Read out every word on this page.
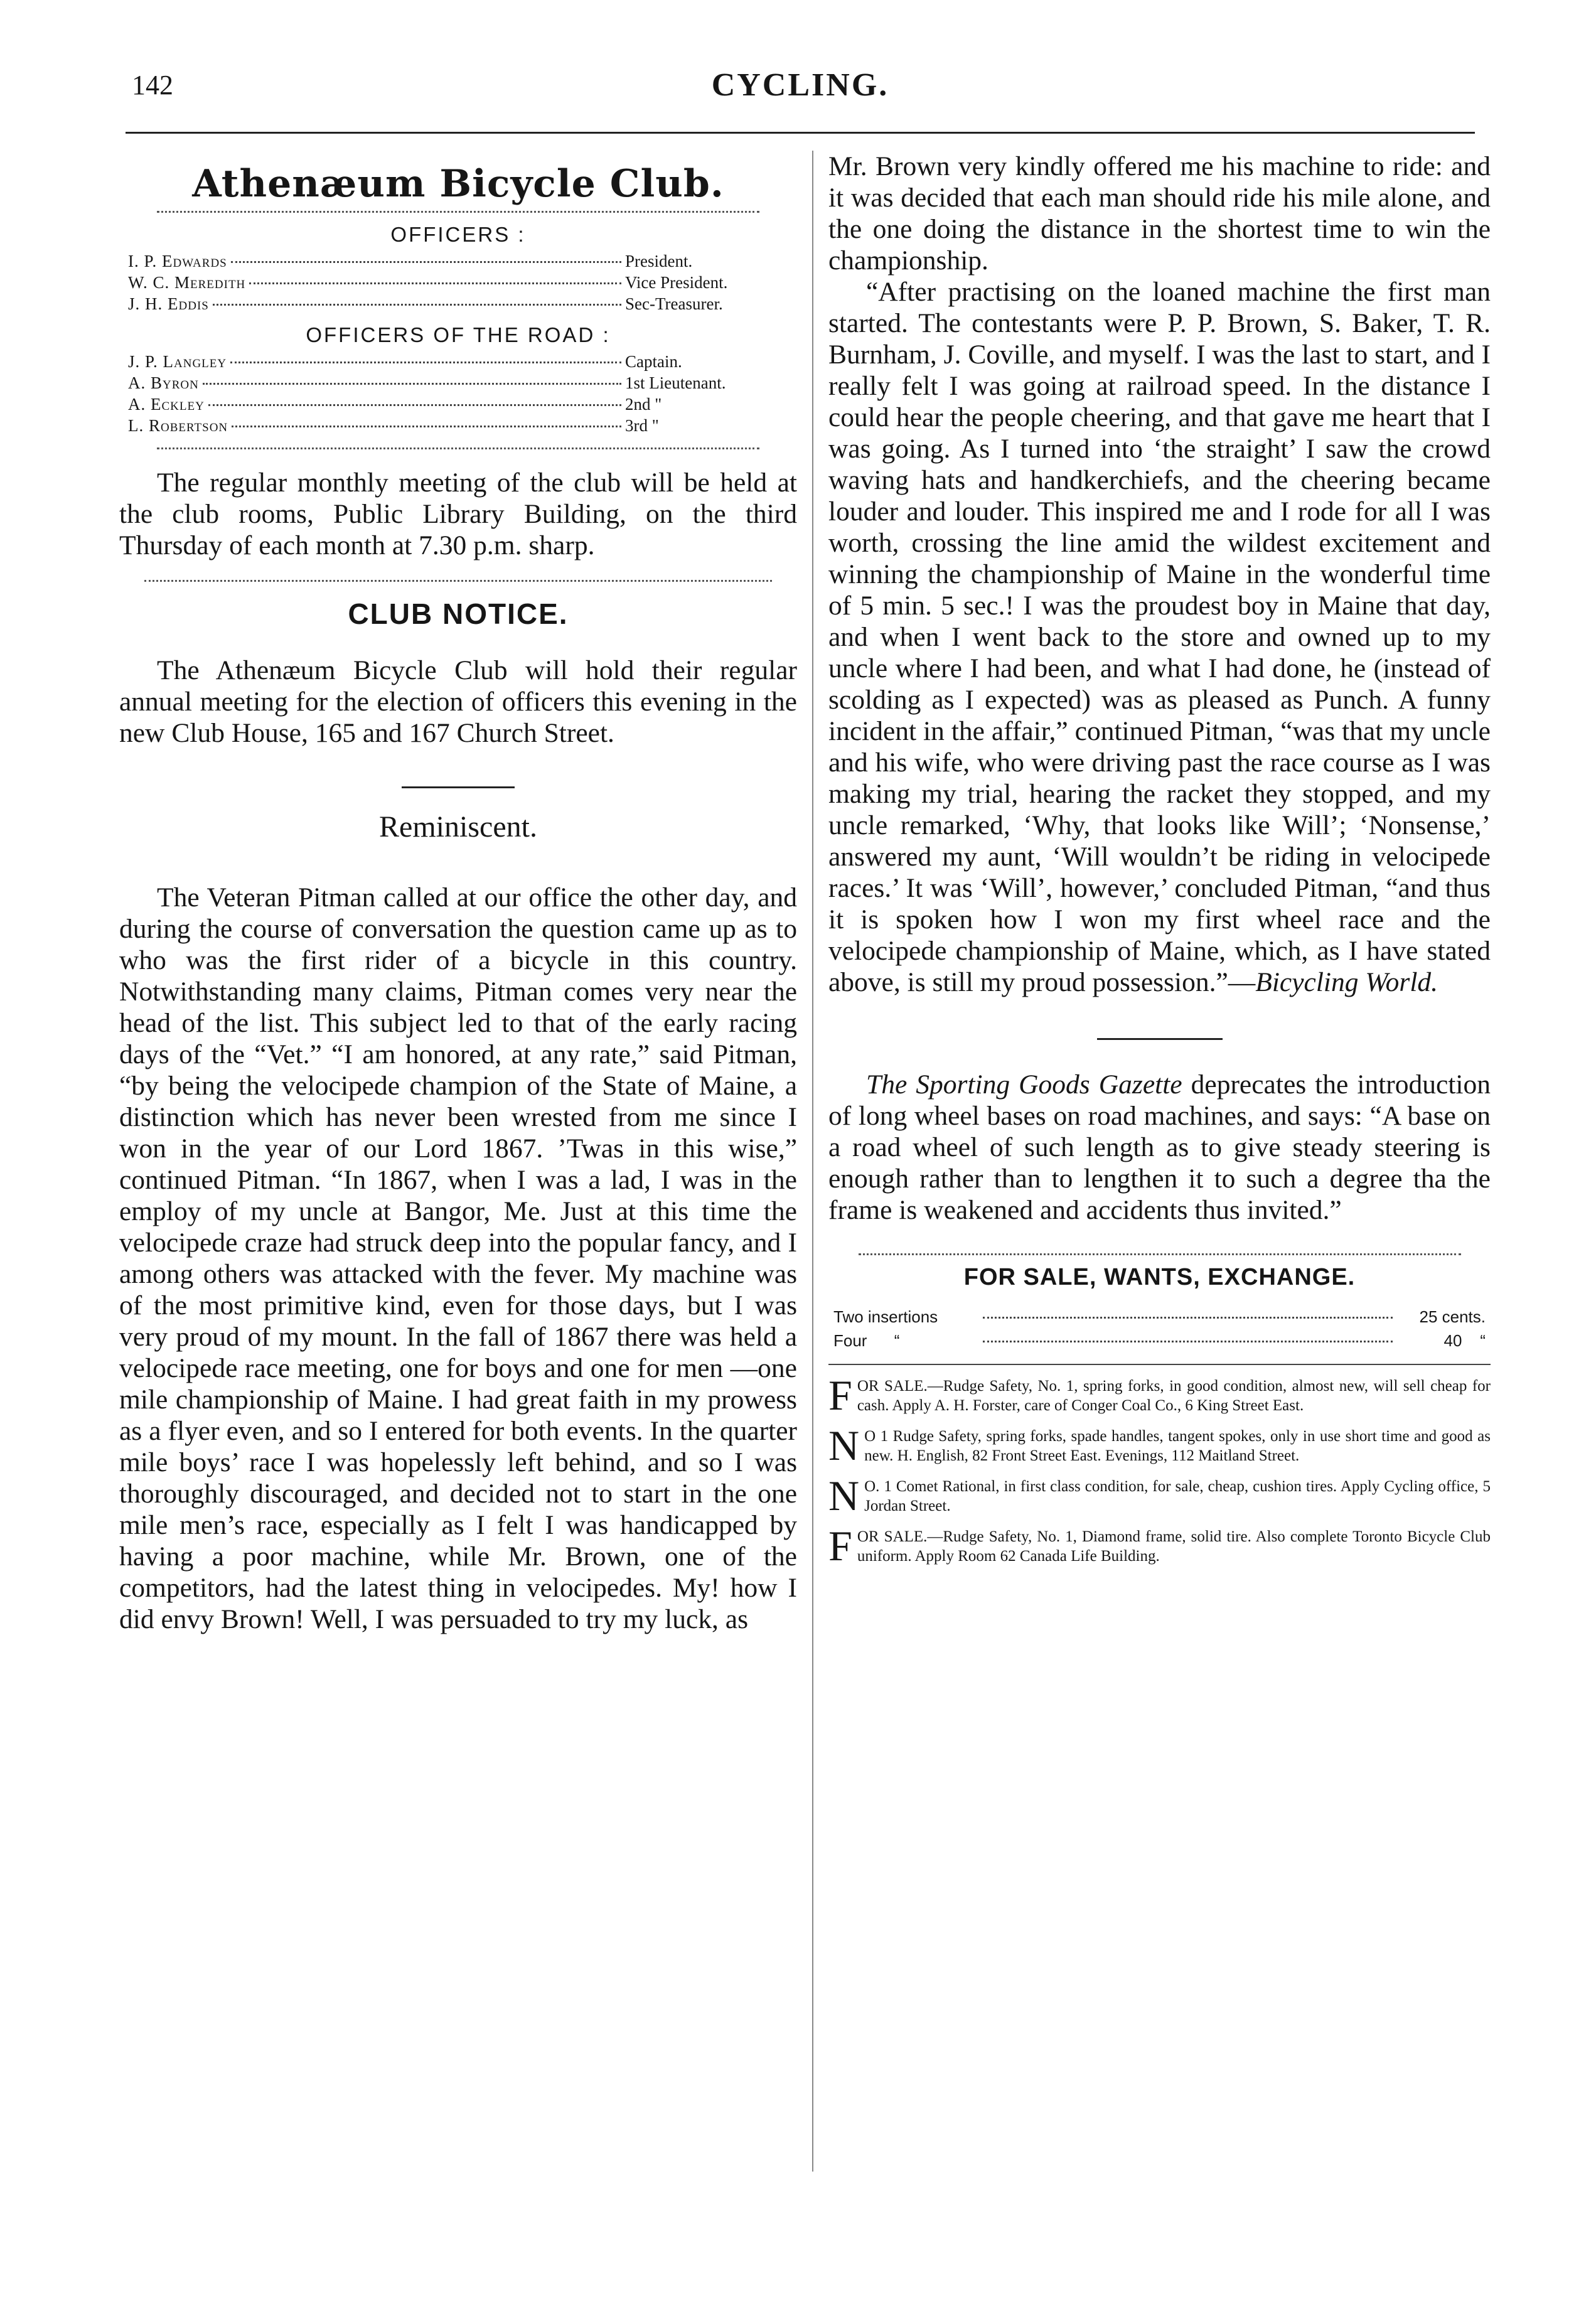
142	CYCLING.
Athenæum Bicycle Club.
OFFICERS :
I. P. Edwards	President.
W. C. Meredith	Vice President.
J. H. Eddis	Sec-Treasurer.
OFFICERS OF THE ROAD :
J. P. Langley	Captain.
A. Byron	1st Lieutenant.
A. Eckley	2nd "
L. Robertson	3rd "

The regular monthly meeting of the club will be held at the club rooms, Public Library Building, on the third Thursday of each month at 7.30 p.m. sharp.

CLUB NOTICE.

The Athenæum Bicycle Club will hold their regular annual meeting for the election of officers this evening in the new Club House, 165 and 167 Church Street.

Reminiscent.

The Veteran Pitman called at our office the other day, and during the course of conversation the question came up as to who was the first rider of a bicycle in this country. Notwithstanding many claims, Pitman comes very near the head of the list. This subject led to that of the early racing days of the “Vet.” “I am honored, at any rate,” said Pitman, “by being the velocipede champion of the State of Maine, a distinction which has never been wrested from me since I won in the year of our Lord 1867. ’Twas in this wise,” continued Pitman. “In 1867, when I was a lad, I was in the employ of my uncle at Bangor, Me. Just at this time the velocipede craze had struck deep into the popular fancy, and I among others was attacked with the fever. My machine was of the most primitive kind, even for those days, but I was very proud of my mount. In the fall of 1867 there was held a velocipede race meeting, one for boys and one for men —one mile championship of Maine. I had great faith in my prowess as a flyer even, and so I entered for both events. In the quarter mile boys’ race I was hopelessly left behind, and so I was thoroughly discouraged, and decided not to start in the one mile men’s race, especially as I felt I was handicapped by having a poor machine, while Mr. Brown, one of the competitors, had the latest thing in velocipedes. My! how I did envy Brown! Well, I was persuaded to try my luck, as

Mr. Brown very kindly offered me his machine to ride: and it was decided that each man should ride his mile alone, and the one doing the distance in the shortest time to win the championship.

“After practising on the loaned machine the first man started. The contestants were P. P. Brown, S. Baker, T. R. Burnham, J. Coville, and myself. I was the last to start, and I really felt I was going at railroad speed. In the distance I could hear the people cheering, and that gave me heart that I was going. As I turned into ‘the straight’ I saw the crowd waving hats and handkerchiefs, and the cheering became louder and louder. This inspired me and I rode for all I was worth, crossing the line amid the wildest excitement and winning the championship of Maine in the wonderful time of 5 min. 5 sec.! I was the proudest boy in Maine that day, and when I went back to the store and owned up to my uncle where I had been, and what I had done, he (instead of scolding as I expected) was as pleased as Punch. A funny incident in the affair,” continued Pitman, “was that my uncle and his wife, who were driving past the race course as I was making my trial, hearing the racket they stopped, and my uncle remarked, ‘Why, that looks like Will’; ‘Nonsense,’ answered my aunt, ‘Will wouldn’t be riding in velocipede races.’ It was ‘Will’, however,’ concluded Pitman, “and thus it is spoken how I won my first wheel race and the velocipede championship of Maine, which, as I have stated above, is still my proud possession.”—Bicycling World.

The Sporting Goods Gazette deprecates the introduction of long wheel bases on road machines, and says: “A base on a road wheel of such length as to give steady steering is enough rather than to lengthen it to such a degree tha the frame is weakened and accidents thus invited.”

FOR SALE, WANTS, EXCHANGE.
Two insertions	25 cents.
Four      “	40    “
FOR SALE.—Rudge Safety, No. 1, spring forks, in good condition, almost new, will sell cheap for cash. Apply A. H. Forster, care of Conger Coal Co., 6 King Street East.
N O 1 Rudge Safety, spring forks, spade handles, tangent spokes, only in use short time and good as new. H. English, 82 Front Street East. Evenings, 112 Maitland Street.
N O. 1 Comet Rational, in first class condition, for sale, cheap, cushion tires. Apply Cycling office, 5 Jordan Street.
FOR SALE.—Rudge Safety, No. 1, Diamond frame, solid tire. Also complete Toronto Bicycle Club uniform. Apply Room 62 Canada Life Building.
